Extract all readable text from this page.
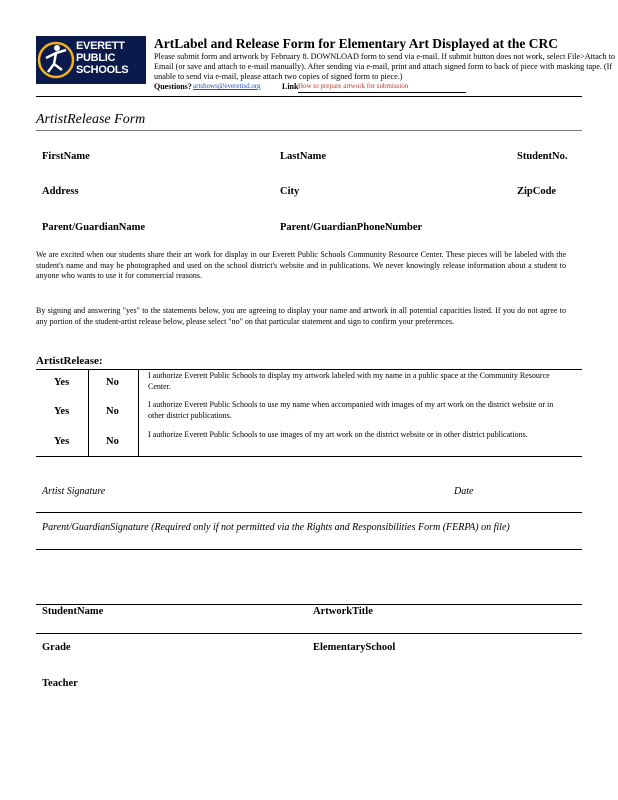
EVERETT PUBLIC SCHOOLS
ArtLabel and Release Form for Elementary Art Displayed at the CRC
Please submit form and artwork by February 8. DOWNLOAD form to send via e-mail. If submit button does not work, select File>Attach to Email (or save and attach to e-mail manually). After sending via e-mail, print and attach signed form to back of piece with masking tape. (If unable to send via e-mail, please attach two copies of signed form to piece.)
Questions? artshows@everettsd.org	Link How to prepare artwork for submission
ArtistRelease Form
FirstName	LastName	StudentNo.
Address	City	ZipCode
Parent/GuardianName	Parent/GuardianPhoneNumber
We are excited when our students share their art work for display in our Everett Public Schools Community Resource Center. These pieces will be labeled with the student's name and may be photographed and used on the school district's website and in publications. We never knowingly release information about a student to anyone who wants to use it for commercial reasons.
By signing and answering "yes" to the statements below, you are agreeing to display your name and artwork in all potential capacities listed. If you do not agree to any portion of the student-artist release below, please select "no" on that particular statement and sign to confirm your preferences.
ArtistRelease:
Yes	No
I authorize Everett Public Schools to display my artwork labeled with my name in a public space at the Community Resource Center.
Yes	No
I authorize Everett Public Schools to use my name when accompanied with images of my art work on the district website or in other district publications.
Yes	No
I authorize Everett Public Schools to use images of my art work on the district website or in other district publications.
Artist Signature	Date
Parent/GuardianSignature (Required only if not permitted via the Rights and Responsibilities Form (FERPA) on file)
StudentName	ArtworkTitle
Grade	ElementarySchool
Teacher
